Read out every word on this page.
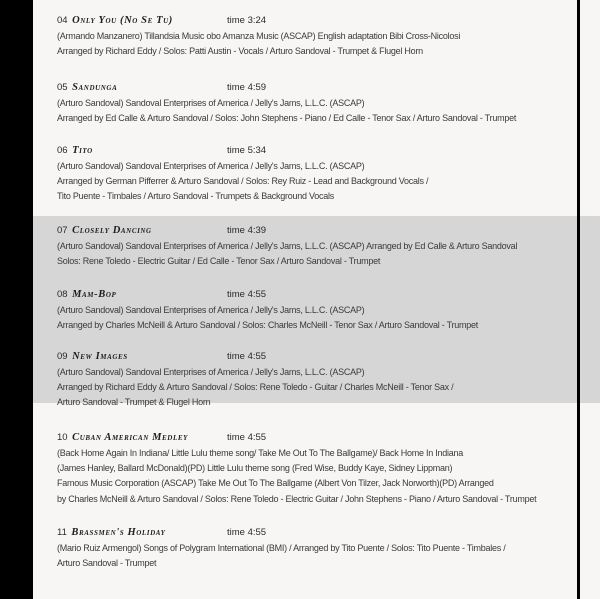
04 Only You (No Se Tu)	time 3:24
(Armando Manzanero) Tillandsia Music obo Amanza Music (ASCAP) English adaptation Bibi Cross-Nicolosi
Arranged by Richard Eddy / Solos: Patti Austin - Vocals / Arturo Sandoval - Trumpet & Flugel Horn
05 Sandunga	time 4:59
(Arturo Sandoval) Sandoval Enterprises of America / Jelly's Jams, L.L.C. (ASCAP)
Arranged by Ed Calle & Arturo Sandoval / Solos: John Stephens - Piano / Ed Calle - Tenor Sax / Arturo Sandoval - Trumpet
06 Tito	time 5:34
(Arturo Sandoval) Sandoval Enterprises of America / Jelly's Jams, L.L.C. (ASCAP)
Arranged by German Pifferrer & Arturo Sandoval / Solos: Rey Ruiz - Lead and Background Vocals /
Tito Puente - Timbales / Arturo Sandoval - Trumpets & Background Vocals
07 Closely Dancing	time 4:39
(Arturo Sandoval) Sandoval Enterprises of America / Jelly's Jams, L.L.C. (ASCAP) Arranged by Ed Calle & Arturo Sandoval
Solos: Rene Toledo - Electric Guitar / Ed Calle - Tenor Sax / Arturo Sandoval - Trumpet
08 Mam-Bop	time 4:55
(Arturo Sandoval) Sandoval Enterprises of America / Jelly's Jams, L.L.C. (ASCAP)
Arranged by Charles McNeill & Arturo Sandoval / Solos: Charles McNeill - Tenor Sax / Arturo Sandoval - Trumpet
09 New Images	time 4:55
(Arturo Sandoval) Sandoval Enterprises of America / Jelly's Jams, L.L.C. (ASCAP)
Arranged by Richard Eddy & Arturo Sandoval / Solos: Rene Toledo - Guitar / Charles McNeill - Tenor Sax /
Arturo Sandoval - Trumpet & Flugel Horn
10 Cuban American Medley	time 4:55
(Back Home Again In Indiana/ Little Lulu theme song/ Take Me Out To The Ballgame)/ Back Home In Indiana
(James Hanley, Ballard McDonald)(PD) Little Lulu theme song (Fred Wise, Buddy Kaye, Sidney Lippman)
Famous Music Corporation (ASCAP) Take Me Out To The Ballgame (Albert Von Tilzer, Jack Norworth)(PD) Arranged
by Charles McNeill & Arturo Sandoval / Solos: Rene Toledo - Electric Guitar / John Stephens - Piano / Arturo Sandoval - Trumpet
11 Brassmen's Holiday	time 4:55
(Mario Ruiz Armengol) Songs of Polygram International (BMI) / Arranged by Tito Puente / Solos: Tito Puente - Timbales /
Arturo Sandoval - Trumpet
